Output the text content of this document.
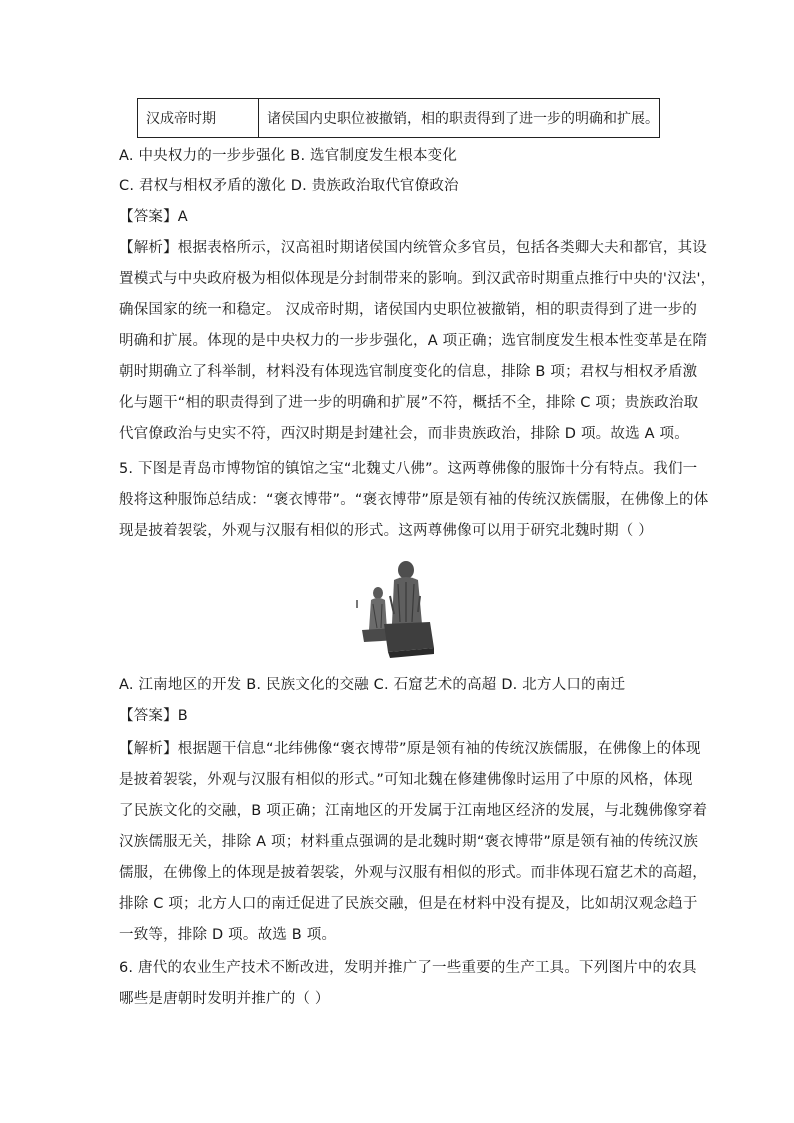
汉成帝时期	诸侯国内史职位被撤销，相的职责得到了进一步的明确和扩展。
A. 中央权力的一步步强化 B. 选官制度发生根本变化
C. 君权与相权矛盾的激化 D. 贵族政治取代官僚政治
【答案】A
【解析】根据表格所示，汉高祖时期诸侯国内统管众多官员，包括各类卿大夫和都官，其设
置模式与中央政府极为相似体现是分封制带来的影响。到汉武帝时期重点推行中央的'汉法'，
确保国家的统一和稳定。 汉成帝时期，诸侯国内史职位被撤销，相的职责得到了进一步的
明确和扩展。体现的是中央权力的一步步强化，A 项正确；选官制度发生根本性变革是在隋
朝时期确立了科举制，材料没有体现选官制度变化的信息，排除 B 项；君权与相权矛盾激
化与题干“相的职责得到了进一步的明确和扩展”不符，概括不全，排除 C 项；贵族政治取
代官僚政治与史实不符，西汉时期是封建社会，而非贵族政治，排除 D 项。故选 A 项。
5. 下图是青岛市博物馆的镇馆之宝“北魏丈八佛”。这两尊佛像的服饰十分有特点。我们一
般将这种服饰总结成：“褒衣博带”。“褒衣博带”原是领有袖的传统汉族儒服，在佛像上的体
现是披着袈裟，外观与汉服有相似的形式。这两尊佛像可以用于研究北魏时期（ ）
A. 江南地区的开发 B. 民族文化的交融 C. 石窟艺术的高超 D. 北方人口的南迁
【答案】B
【解析】根据题干信息“北纬佛像“褒衣博带”原是领有袖的传统汉族儒服，在佛像上的体现
是披着袈裟，外观与汉服有相似的形式。”可知北魏在修建佛像时运用了中原的风格，体现
了民族文化的交融，B 项正确；江南地区的开发属于江南地区经济的发展，与北魏佛像穿着
汉族儒服无关，排除 A 项；材料重点强调的是北魏时期“褒衣博带”原是领有袖的传统汉族
儒服，在佛像上的体现是披着袈裟，外观与汉服有相似的形式。而非体现石窟艺术的高超，
排除 C 项；北方人口的南迁促进了民族交融，但是在材料中没有提及，比如胡汉观念趋于
一致等，排除 D 项。故选 B 项。
6. 唐代的农业生产技术不断改进，发明并推广了一些重要的生产工具。下列图片中的农具
哪些是唐朝时发明并推广的（ ）
